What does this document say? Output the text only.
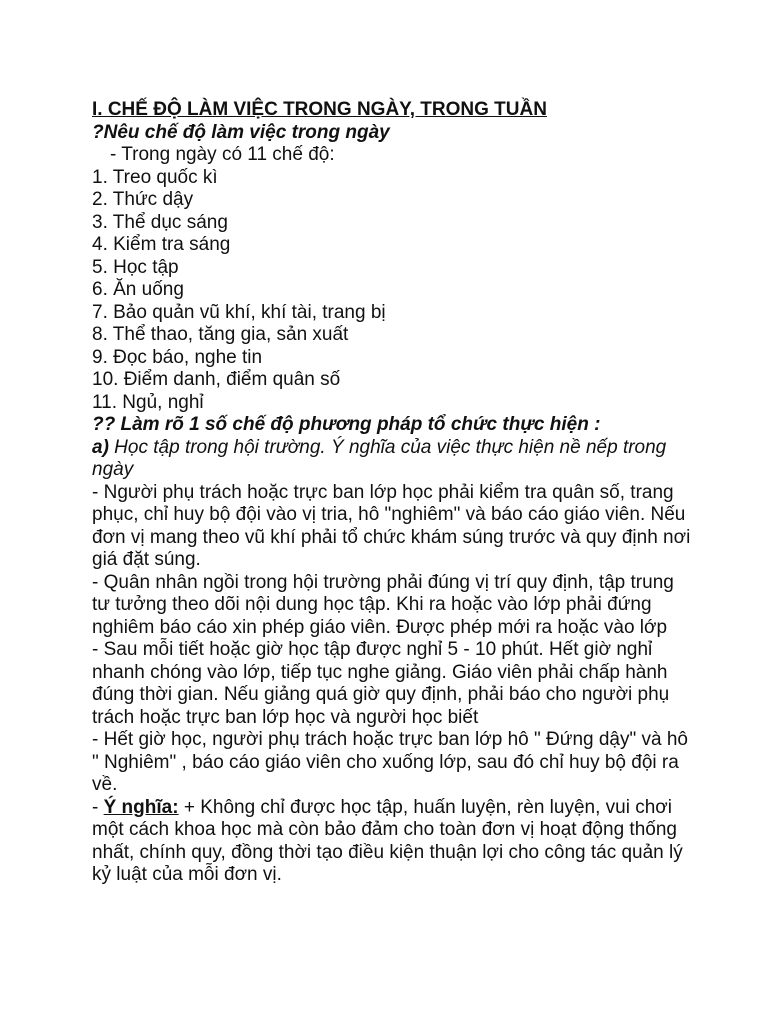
I. CHẾ ĐỘ LÀM VIỆC TRONG NGÀY, TRONG TUẦN

?Nêu chế độ làm việc trong ngày

- Trong ngày có 11 chế độ:

1. Treo quốc kì

2. Thức dậy

3. Thể dục sáng

4. Kiểm tra sáng

5. Học tập

6. Ăn uống

7. Bảo quản vũ khí, khí tài, trang bị

8. Thể thao, tăng gia, sản xuất

9. Đọc báo, nghe tin

10. Điểm danh, điểm quân số

11. Ngủ, nghỉ

?? Làm rõ 1 số chế độ phương pháp tổ chức thực hiện :

a) Học tập trong hội trường. Ý nghĩa của việc thực hiện nề nếp trong ngày

- Người phụ trách hoặc trực ban lớp học phải kiểm tra quân số, trang phục, chỉ huy bộ đội vào vị tria, hô "nghiêm" và báo cáo giáo viên. Nếu đơn vị mang theo vũ khí phải tổ chức khám súng trước và quy định nơi giá đặt súng.

- Quân nhân ngồi trong hội trường phải đúng vị trí quy định, tập trung tư tưởng theo dõi nội dung học tập. Khi ra hoặc vào lớp phải đứng nghiêm báo cáo xin phép giáo viên. Được phép mới ra hoặc vào lớp

- Sau mỗi tiết hoặc giờ học tập được nghỉ 5 - 10 phút. Hết giờ nghỉ nhanh chóng vào lớp, tiếp tục nghe giảng. Giáo viên phải chấp hành đúng thời gian. Nếu giảng quá giờ quy định, phải báo cho người phụ trách hoặc trực ban lớp học và người học biết

- Hết giờ học, người phụ trách hoặc trực ban lớp hô " Đứng dậy" và hô " Nghiêm" , báo cáo giáo viên cho xuống lớp, sau đó chỉ huy bộ đội ra về.

- Ý nghĩa: + Không chỉ được học tập, huấn luyện, rèn luyện, vui chơi một cách khoa học mà còn bảo đảm cho toàn đơn vị hoạt động thống nhất, chính quy, đồng thời tạo điều kiện thuận lợi cho công tác quản lý kỷ luật của mỗi đơn vị.
